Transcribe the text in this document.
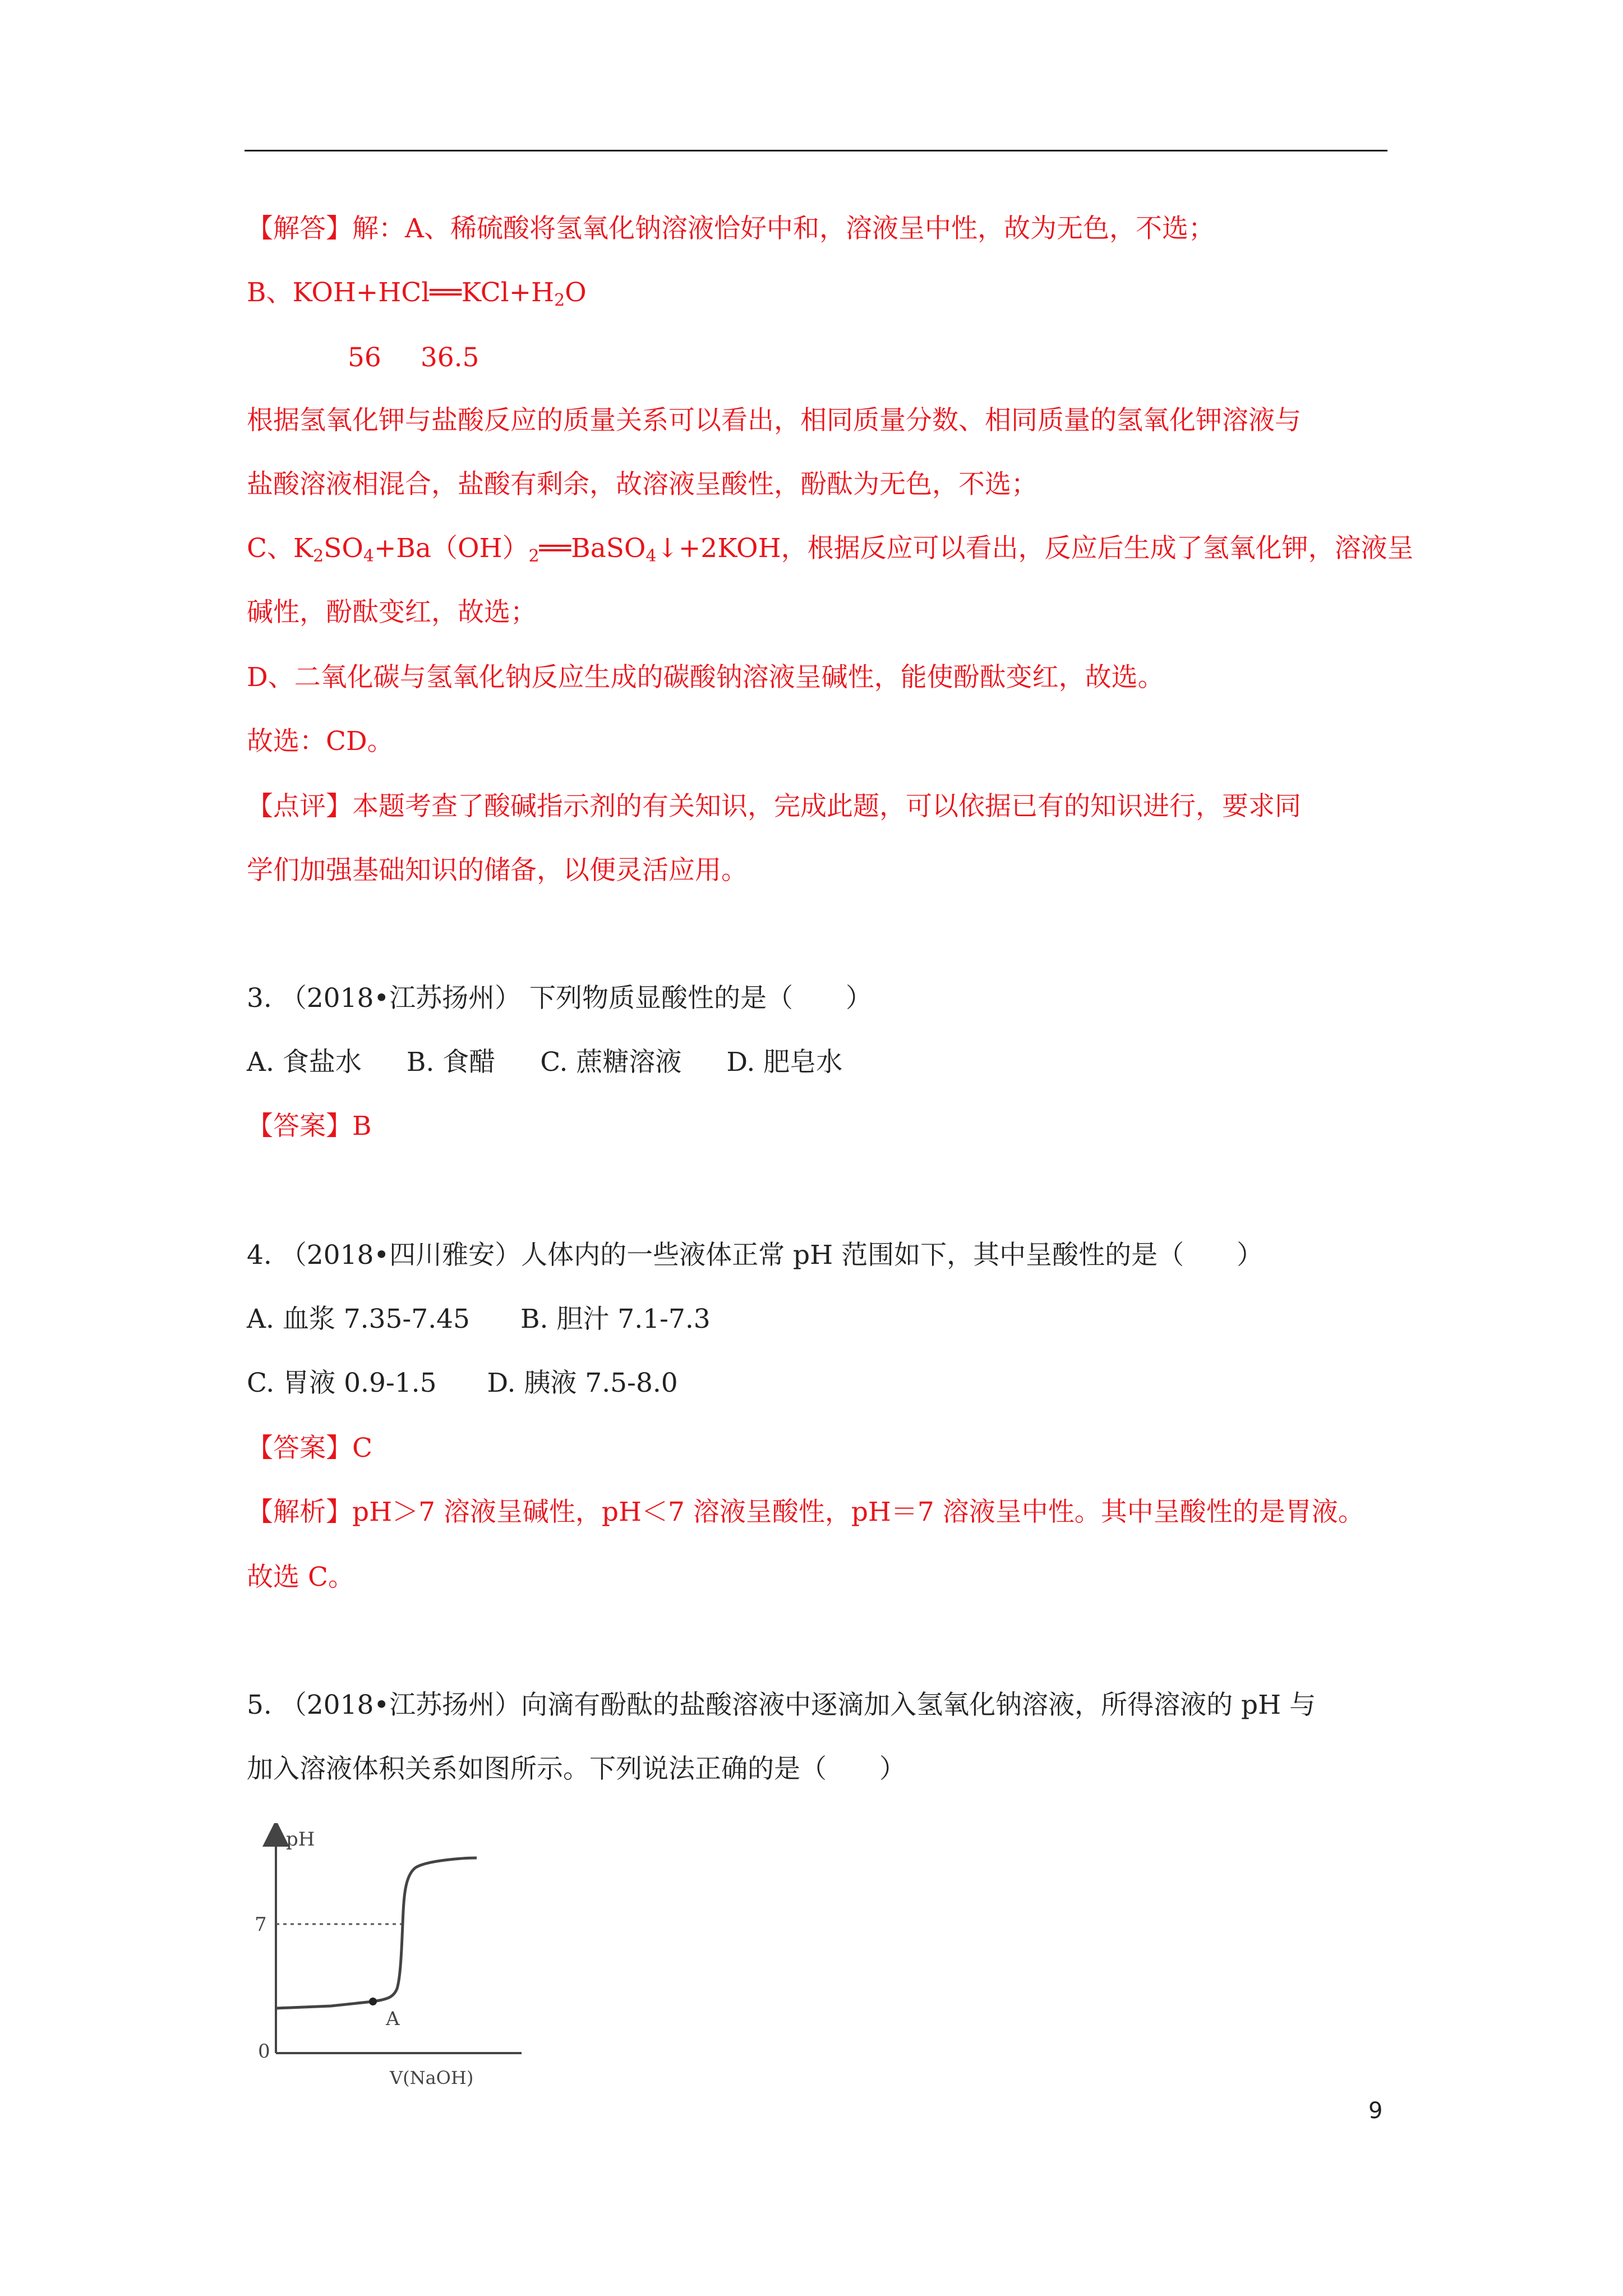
【解答】解：A、稀硫酸将氢氧化钠溶液恰好中和，溶液呈中性，故为无色，不选；

B、$KOH+HCl══KCl+H_2O$

56 36.5

根据氢氧化钾与盐酸反应的质量关系可以看出，相同质量分数、相同质量的氢氧化钾溶液与

盐酸溶液相混合，盐酸有剩余，故溶液呈酸性，酚酞为无色，不选；

C、$K_2SO_4+Ba(OH)_2══BaSO_4↓+2KOH$，根据反应可以看出，反应后生成了氢氧化钾，溶液呈

碱性，酚酞变红，故选；

D、二氧化碳与氢氧化钠反应生成的碳酸钠溶液呈碱性，能使酚酞变红，故选。

故选：CD。

【点评】本题考查了酸碱指示剂的有关知识，完成此题，可以依据已有的知识进行，要求同

学们加强基础知识的储备，以便灵活应用。

3. （2018•江苏扬州） 下列物质显酸性的是（　　）

A. 食盐水 B. 食醋 C. 蔗糖溶液 D. 肥皂水

【答案】B

4. （2018•四川雅安）人体内的一些液体正常 pH 范围如下，其中呈酸性的是（　　）

A. 血浆 7.35-7.45 B. 胆汁 7.1-7.3

C. 胃液 0.9-1.5 D. 胰液 7.5-8.0

【答案】C

【解析】pH＞7 溶液呈碱性，pH＜7 溶液呈酸性，pH＝7 溶液呈中性。其中呈酸性的是胃液。

故选 C。

5. （2018•江苏扬州）向滴有酚酞的盐酸溶液中逐滴加入氢氧化钠溶液，所得溶液的 pH 与

加入溶液体积关系如图所示。下列说法正确的是（　　）

pH
7
A
0
V(NaOH)
9
